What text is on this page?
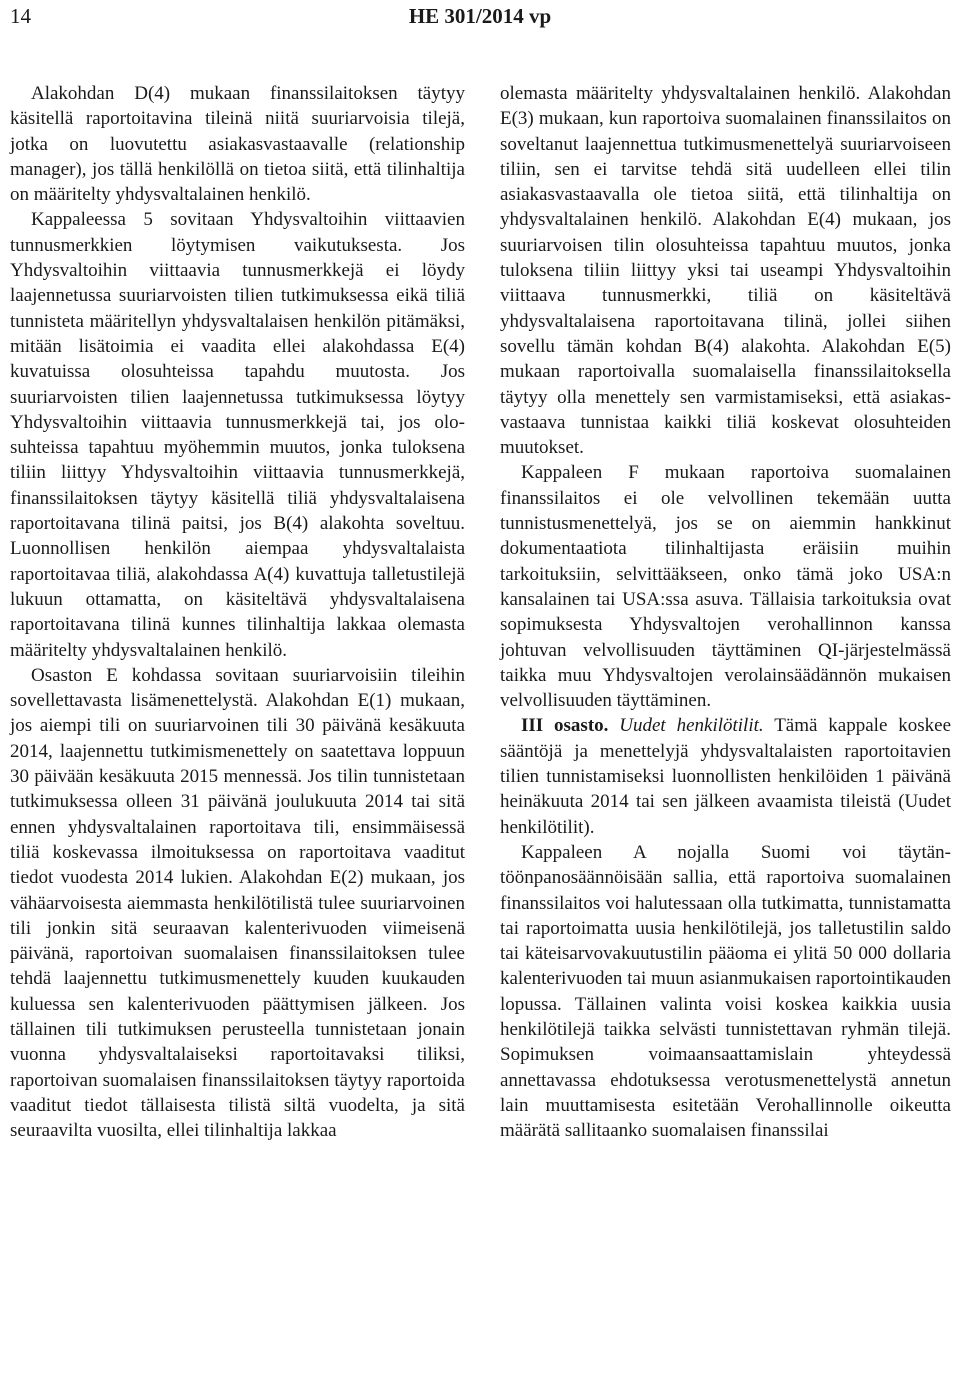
14	HE 301/2014 vp

Alakohdan D(4) mukaan finanssilaitoksen täytyy käsitellä raportoitavina tileinä niitä suuriarvoisia tilejä, jotka on luovutettu asiakasvastaavalle (relationship manager), jos tällä henkilöllä on tietoa siitä, että tilinhaltija on määritelty yhdysvaltalainen henkilö.

Kappaleessa 5 sovitaan Yhdysvaltoihin viittaavien tunnusmerkkien löytymisen vaikutuksesta. Jos Yhdysvaltoihin viittaavia tunnusmerkkejä ei löydy laajennetussa suuriarvoisten tilien tutkimuksessa eikä tiliä tunnisteta määritellyn yhdysvaltalaisen henkilön pitämäksi, mitään lisätoimia ei vaadita ellei alakohdassa E(4) kuvatuissa olosuhteissa tapahdu muutosta. Jos suuriarvoisten tilien laajennetussa tutkimuksessa löytyy Yhdysvaltoihin viittaavia tunnusmerkkejä tai, jos olosuhteissa tapahtuu myöhemmin muutos, jonka tuloksena tiliin liittyy Yhdysvaltoihin viittaavia tunnusmerkkejä, finanssilaitoksen täytyy käsitellä tiliä yhdysvaltalaisena raportoitavana tilinä paitsi, jos B(4) alakohta soveltuu. Luonnollisen henkilön aiempaa yhdysvaltalaista raportoitavaa tiliä, alakohdassa A(4) kuvattuja talletustilejä lukuun ottamatta, on käsiteltävä yhdysvaltalaisena raportoitavana tilinä kunnes tilinhaltija lakkaa olemasta määritelty yhdysvaltalainen henkilö.

Osaston E kohdassa sovitaan suuriarvoisiin tileihin sovellettavasta lisämenettelystä. Alakohdan E(1) mukaan, jos aiempi tili on suuriarvoinen tili 30 päivänä kesäkuuta 2014, laajennettu tutkimismenettely on saatettava loppuun 30 päivään kesäkuuta 2015 mennessä. Jos tilin tunnistetaan tutkimuksessa olleen 31 päivänä joulukuuta 2014 tai sitä ennen yhdysvaltalainen raportoitava tili, ensimmäisessä tiliä koskevassa ilmoituksessa on raportoitava vaaditut tiedot vuodesta 2014 lukien. Alakohdan E(2) mukaan, jos vähäarvoisesta aiemmasta henkilötilistä tulee suuriarvoinen tili jonkin sitä seuraavan kalenterivuoden viimeisenä päivänä, raportoivan suomalaisen finanssilaitoksen tulee tehdä laajennettu tutkimusmenettely kuuden kuukauden kuluessa sen kalenterivuoden päättymisen jälkeen. Jos tällainen tili tutkimuksen perusteella tunnistetaan jonain vuonna yhdysvaltalaiseksi raportoitavaksi tiliksi, raportoivan suomalaisen finanssilaitoksen täytyy raportoida vaaditut tiedot tällaisesta tilistä siltä vuodelta, ja sitä seuraavilta vuosilta, ellei tilinhaltija lakkaa

olemasta määritelty yhdysvaltalainen henkilö. Alakohdan E(3) mukaan, kun raportoiva suomalainen finanssilaitos on soveltanut laajennettua tutkimusmenettelyä suuriarvoiseen tiliin, sen ei tarvitse tehdä sitä uudelleen ellei tilin asiakasvastaavalla ole tietoa siitä, että tilinhaltija on yhdysvaltalainen henkilö. Alakohdan E(4) mukaan, jos suuriarvoisen tilin olosuhteissa tapahtuu muutos, jonka tuloksena tiliin liittyy yksi tai useampi Yhdysvaltoihin viittaava tunnusmerkki, tiliä on käsiteltävä yhdysvaltalaisena raportoitavana tilinä, jollei siihen sovellu tämän kohdan B(4) alakohta. Alakohdan E(5) mukaan raportoivalla suomalaisella finanssilaitoksella täytyy olla menettely sen varmistamiseksi, että asiakasvastaava tunnistaa kaikki tiliä koskevat olosuhteiden muutokset.

Kappaleen F mukaan raportoiva suomalainen finanssilaitos ei ole velvollinen tekemään uutta tunnistusmenettelyä, jos se on aiemmin hankkinut dokumentaatiota tilinhaltijasta eräisiin muihin tarkoituksiin, selvittääkseen, onko tämä joko USA:n kansalainen tai USA:ssa asuva. Tällaisia tarkoituksia ovat sopimuksesta Yhdysvaltojen verohallinnon kanssa johtuvan velvollisuuden täyttäminen QI-järjestelmässä taikka muu Yhdysvaltojen verolainsäädännön mukaisen velvollisuuden täyttäminen.

III osasto. Uudet henkilötilit. Tämä kappale koskee sääntöjä ja menettelyjä yhdysvaltalaisten raportoitavien tilien tunnistamiseksi luonnollisten henkilöiden 1 päivänä heinäkuuta 2014 tai sen jälkeen avaamista tileistä (Uudet henkilötilit).

Kappaleen A nojalla Suomi voi täytäntöönpanosäännöisään sallia, että raportoiva suomalainen finanssilaitos voi halutessaan olla tutkimatta, tunnistamatta tai raportoimatta uusia henkilötilejä, jos talletustilin saldo tai käteisarvovakuutustilin pääoma ei ylitä 50 000 dollaria kalenterivuoden tai muun asianmukaisen raportointikauden lopussa. Tällainen valinta voisi koskea kaikkia uusia henkilötilejä taikka selvästi tunnistettavan ryhmän tilejä. Sopimuksen voimaansaattamislain yhteydessä annettavassa ehdotuksessa verotusmenettelystä annetun lain muuttamisesta esitetään Verohallinnolle oikeutta määrätä sallitaanko suomalaisen finanssilai
